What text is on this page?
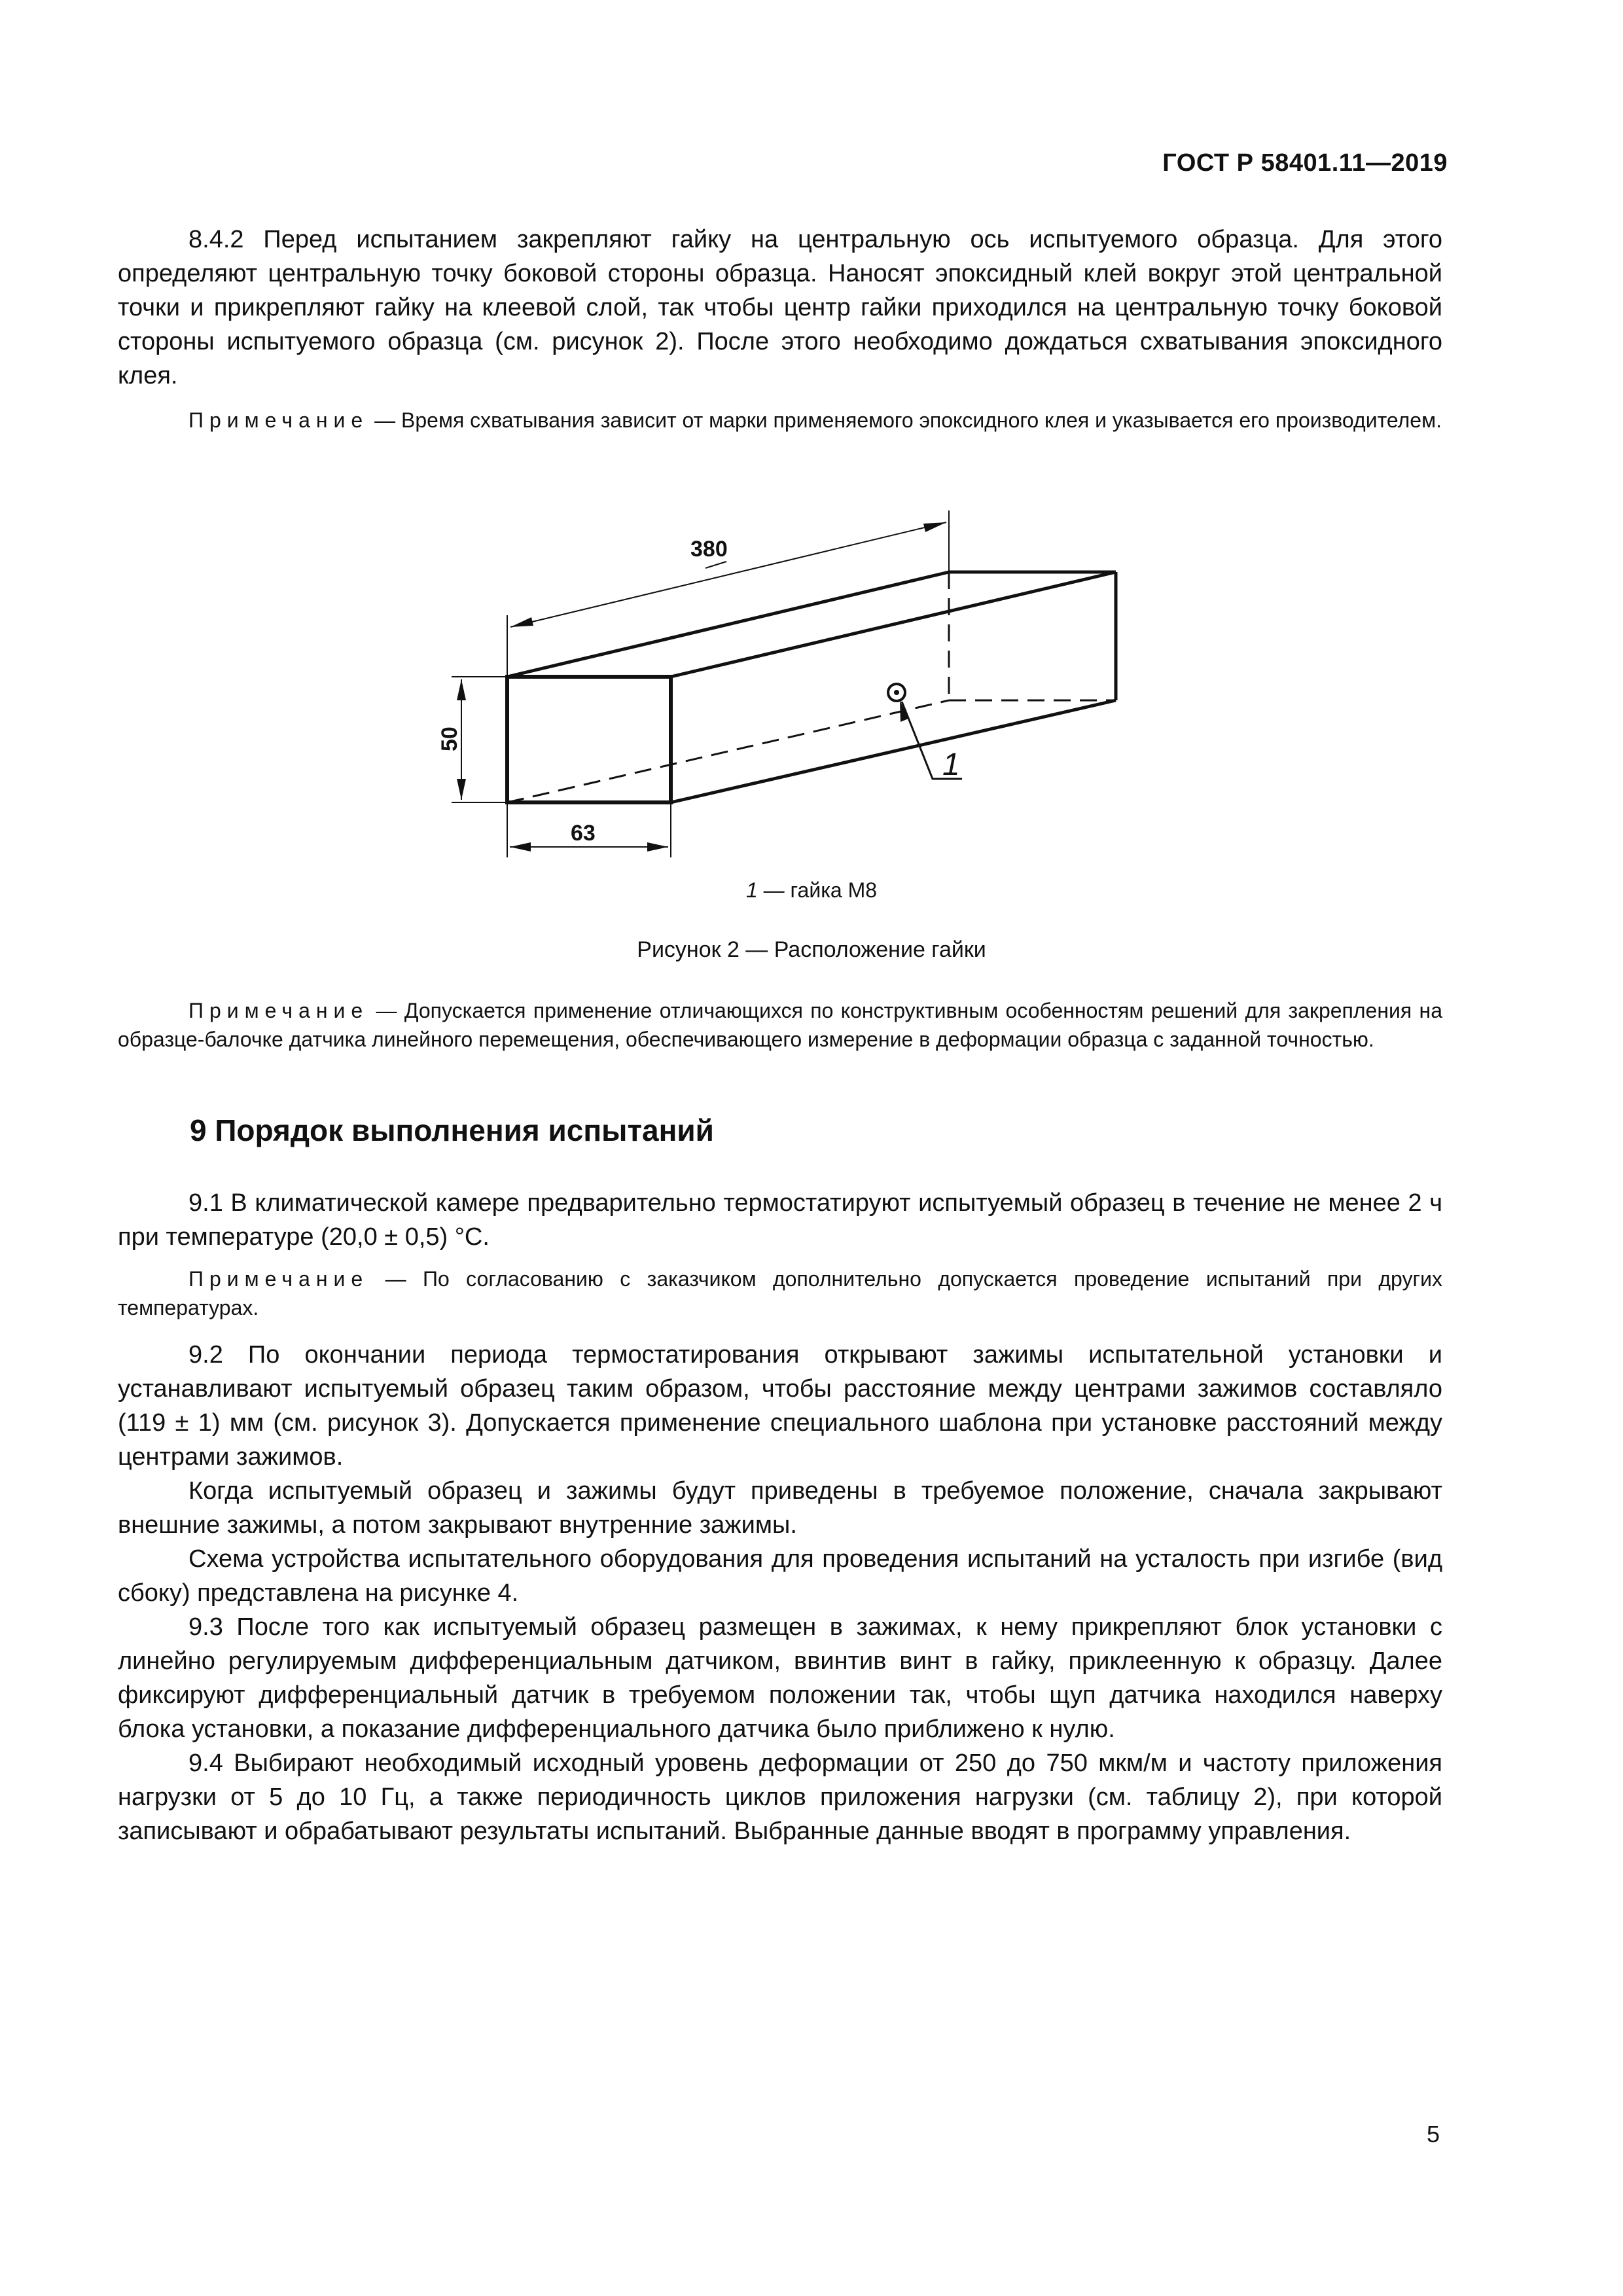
ГОСТ Р 58401.11—2019

8.4.2 Перед испытанием закрепляют гайку на центральную ось испытуемого образца. Для этого определяют центральную точку боковой стороны образца. Наносят эпоксидный клей вокруг этой центральной точки и прикрепляют гайку на клеевой слой, так чтобы центр гайки приходился на центральную точку боковой стороны испытуемого образца (см. рисунок 2). После этого необходимо дождаться схватывания эпоксидного клея.

Примечание — Время схватывания зависит от марки применяемого эпоксидного клея и указывается его производителем.

380
50
63
1
1 — гайка М8
Рисунок 2 — Расположение гайки

Примечание — Допускается применение отличающихся по конструктивным особенностям решений для закрепления на образце-балочке датчика линейного перемещения, обеспечивающего измерение в деформации образца с заданной точностью.

9 Порядок выполнения испытаний

9.1 В климатической камере предварительно термостатируют испытуемый образец в течение не менее 2 ч при температуре (20,0 ± 0,5) °С.

Примечание — По согласованию с заказчиком дополнительно допускается проведение испытаний при других температурах.

9.2 По окончании периода термостатирования открывают зажимы испытательной установки и устанавливают испытуемый образец таким образом, чтобы расстояние между центрами зажимов составляло (119 ± 1) мм (см. рисунок 3). Допускается применение специального шаблона при установке расстояний между центрами зажимов.

Когда испытуемый образец и зажимы будут приведены в требуемое положение, сначала закрывают внешние зажимы, а потом закрывают внутренние зажимы.

Схема устройства испытательного оборудования для проведения испытаний на усталость при изгибе (вид сбоку) представлена на рисунке 4.

9.3 После того как испытуемый образец размещен в зажимах, к нему прикрепляют блок установки с линейно регулируемым дифференциальным датчиком, ввинтив винт в гайку, приклеенную к образцу. Далее фиксируют дифференциальный датчик в требуемом положении так, чтобы щуп датчика находился наверху блока установки, а показание дифференциального датчика было приближено к нулю.

9.4 Выбирают необходимый исходный уровень деформации от 250 до 750 мкм/м и частоту приложения нагрузки от 5 до 10 Гц, а также периодичность циклов приложения нагрузки (см. таблицу 2), при которой записывают и обрабатывают результаты испытаний. Выбранные данные вводят в программу управления.

5
